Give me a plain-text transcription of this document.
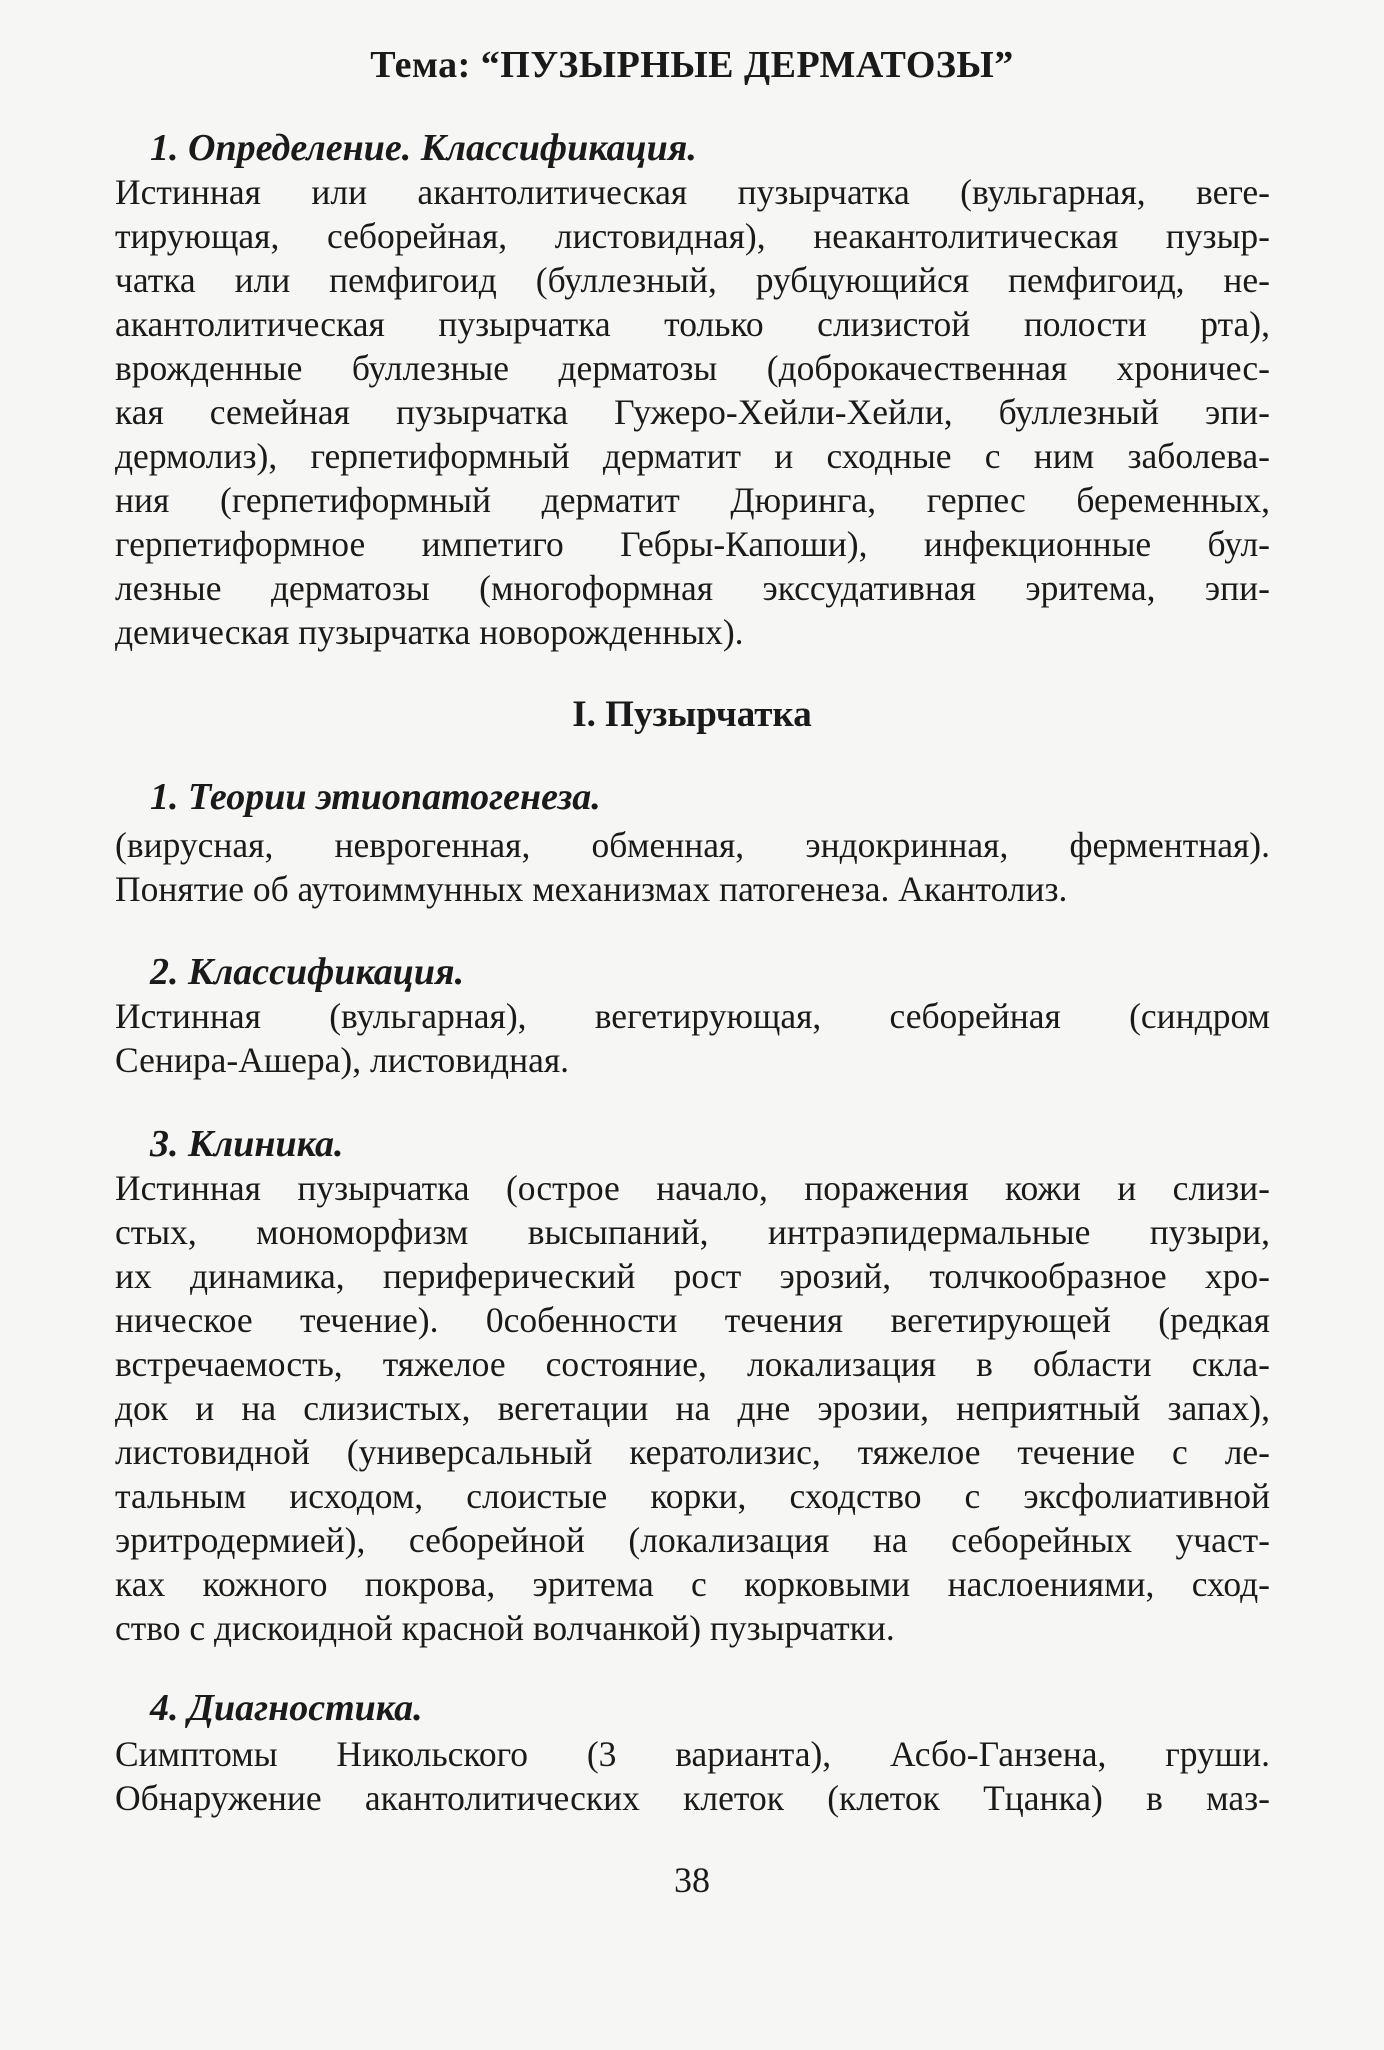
Тема: “ПУЗЫРНЫЕ ДЕРМАТОЗЫ”
1. Определение. Классификация.
Истинная или акантолитическая пузырчатка (вульгарная, веге-
тирующая, себорейная, листовидная), неакантолитическая пузыр-
чатка или пемфигоид (буллезный, рубцующийся пемфигоид, не-
акантолитическая пузырчатка только слизистой полости рта),
врожденные буллезные дерматозы (доброкачественная хроничес-
кая семейная пузырчатка Гужеро-Хейли-Хейли, буллезный эпи-
дермолиз), герпетиформный дерматит и сходные с ним заболева-
ния (герпетиформный дерматит Дюринга, герпес беременных,
герпетиформное импетиго Гебры-Капоши), инфекционные бул-
лезные дерматозы (многоформная экссудативная эритема, эпи-
демическая пузырчатка новорожденных).
I. Пузырчатка
1. Теории этиопатогенеза.
(вирусная, неврогенная, обменная, эндокринная, ферментная).
Понятие об аутоиммунных механизмах патогенеза. Акантолиз.
2. Классификация.
Истинная (вульгарная), вегетирующая, себорейная (синдром
Сенира-Ашера), листовидная.
3. Клиника.
Истинная пузырчатка (острое начало, поражения кожи и слизи-
стых, мономорфизм высыпаний, интраэпидермальные пузыри,
их динамика, периферический рост эрозий, толчкообразное хро-
ническое течение). 0собенности течения вегетирующей (редкая
встречаемость, тяжелое состояние, локализация в области скла-
док и на слизистых, вегетации на дне эрозии, неприятный запах),
листовидной (универсальный кератолизис, тяжелое течение с ле-
тальным исходом, слоистые корки, сходство с эксфолиативной
эритродермией), себорейной (локализация на себорейных участ-
ках кожного покрова, эритема с корковыми наслоениями, сход-
ство с дискоидной красной волчанкой) пузырчатки.
4. Диагностика.
Симптомы Никольского (3 варианта), Асбо-Ганзена, груши.
Обнаружение акантолитических клеток (клеток Тцанка) в маз-
38
